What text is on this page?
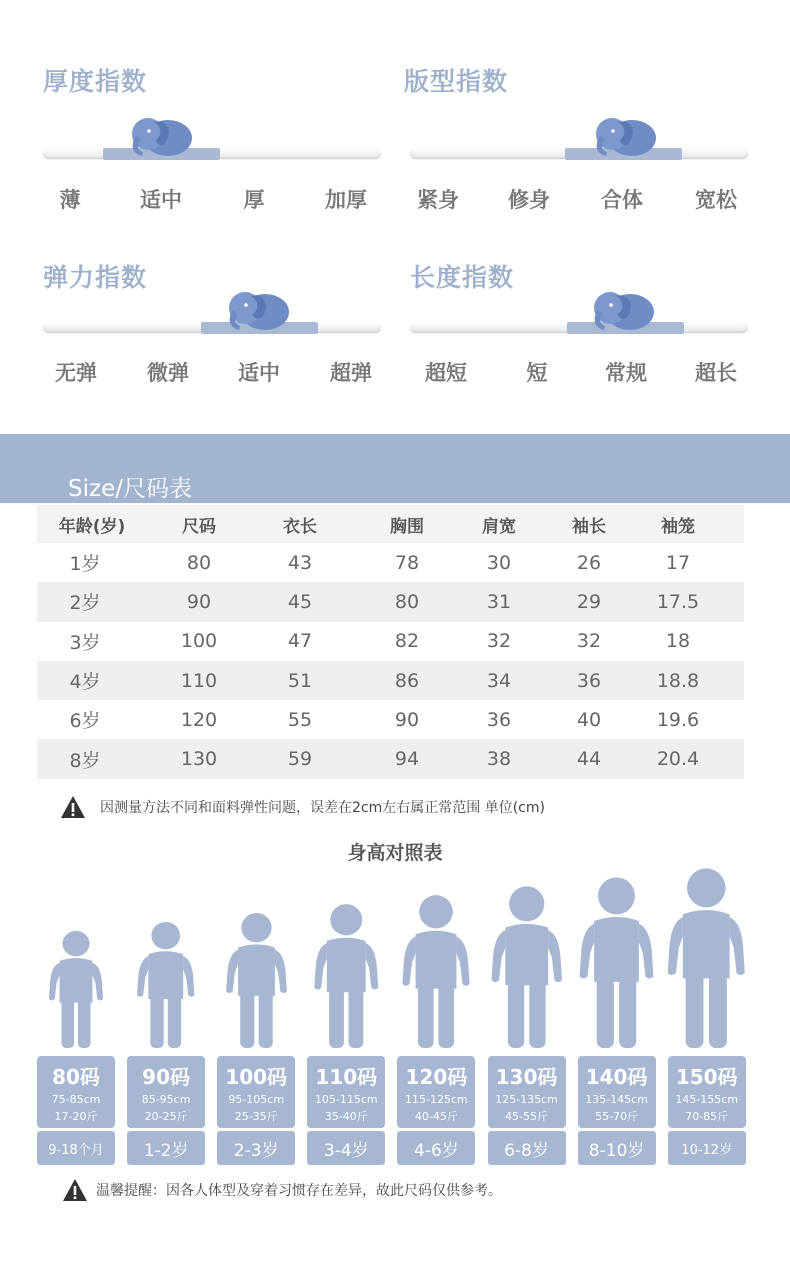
厚度指数
薄	适中	厚	加厚
版型指数
紧身	修身	合体	宽松
弹力指数
无弹	微弹	适中	超弹
长度指数
超短	短	常规	超长
Size/尺码表
年龄(岁)	尺码	衣长	胸围	肩宽	袖长	袖笼
1岁	80	43	78	30	26	17
2岁	90	45	80	31	29	17.5
3岁	100	47	82	32	32	18
4岁	110	51	86	34	36	18.8
6岁	120	55	90	36	40	19.6
8岁	130	59	94	38	44	20.4
因测量方法不同和面料弹性问题，误差在2cm左右属正常范围 单位(cm)
身高对照表
80码
75-85cm
17-20斤
9-18个月
90码
85-95cm
20-25斤
1-2岁
100码
95-105cm
25-35斤
2-3岁
110码
105-115cm
35-40斤
3-4岁
120码
115-125cm
40-45斤
4-6岁
130码
125-135cm
45-55斤
6-8岁
140码
135-145cm
55-70斤
8-10岁
150码
145-155cm
70-85斤
10-12岁
温馨提醒：因各人体型及穿着习惯存在差异，故此尺码仅供参考。
